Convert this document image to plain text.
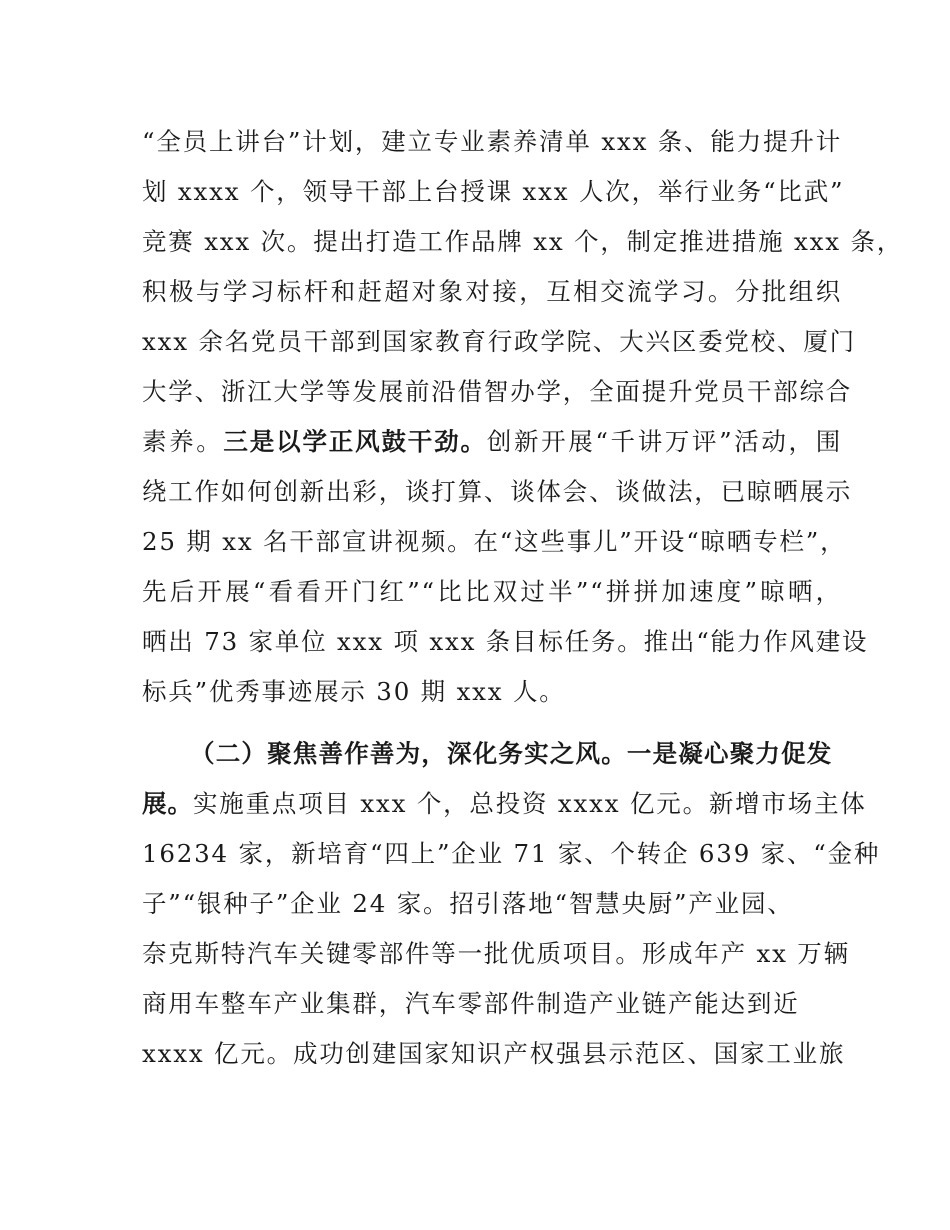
“全员上讲台”计划，建立专业素养清单 xxx 条、能力提升计
划 xxxx 个，领导干部上台授课 xxx 人次，举行业务“比武”
竞赛 xxx 次。提出打造工作品牌 xx 个，制定推进措施 xxx 条，
积极与学习标杆和赶超对象对接，互相交流学习。分批组织
xxx 余名党员干部到国家教育行政学院、大兴区委党校、厦门
大学、浙江大学等发展前沿借智办学，全面提升党员干部综合
素养。三是以学正风鼓干劲。创新开展“千讲万评”活动，围
绕工作如何创新出彩，谈打算、谈体会、谈做法，已晾晒展示
25 期 xx 名干部宣讲视频。在“这些事儿”开设“晾晒专栏”，
先后开展“看看开门红”“比比双过半”“拼拼加速度”晾晒，
晒出 73 家单位 xxx 项 xxx 条目标任务。推出“能力作风建设
标兵”优秀事迹展示 30 期 xxx 人。
（二）聚焦善作善为，深化务实之风。一是凝心聚力促发
展。实施重点项目 xxx 个，总投资 xxxx 亿元。新增市场主体
16234 家，新培育“四上”企业 71 家、个转企 639 家、“金种
子”“银种子”企业 24 家。招引落地“智慧央厨”产业园、
奈克斯特汽车关键零部件等一批优质项目。形成年产 xx 万辆
商用车整车产业集群，汽车零部件制造产业链产能达到近
xxxx 亿元。成功创建国家知识产权强县示范区、国家工业旅
